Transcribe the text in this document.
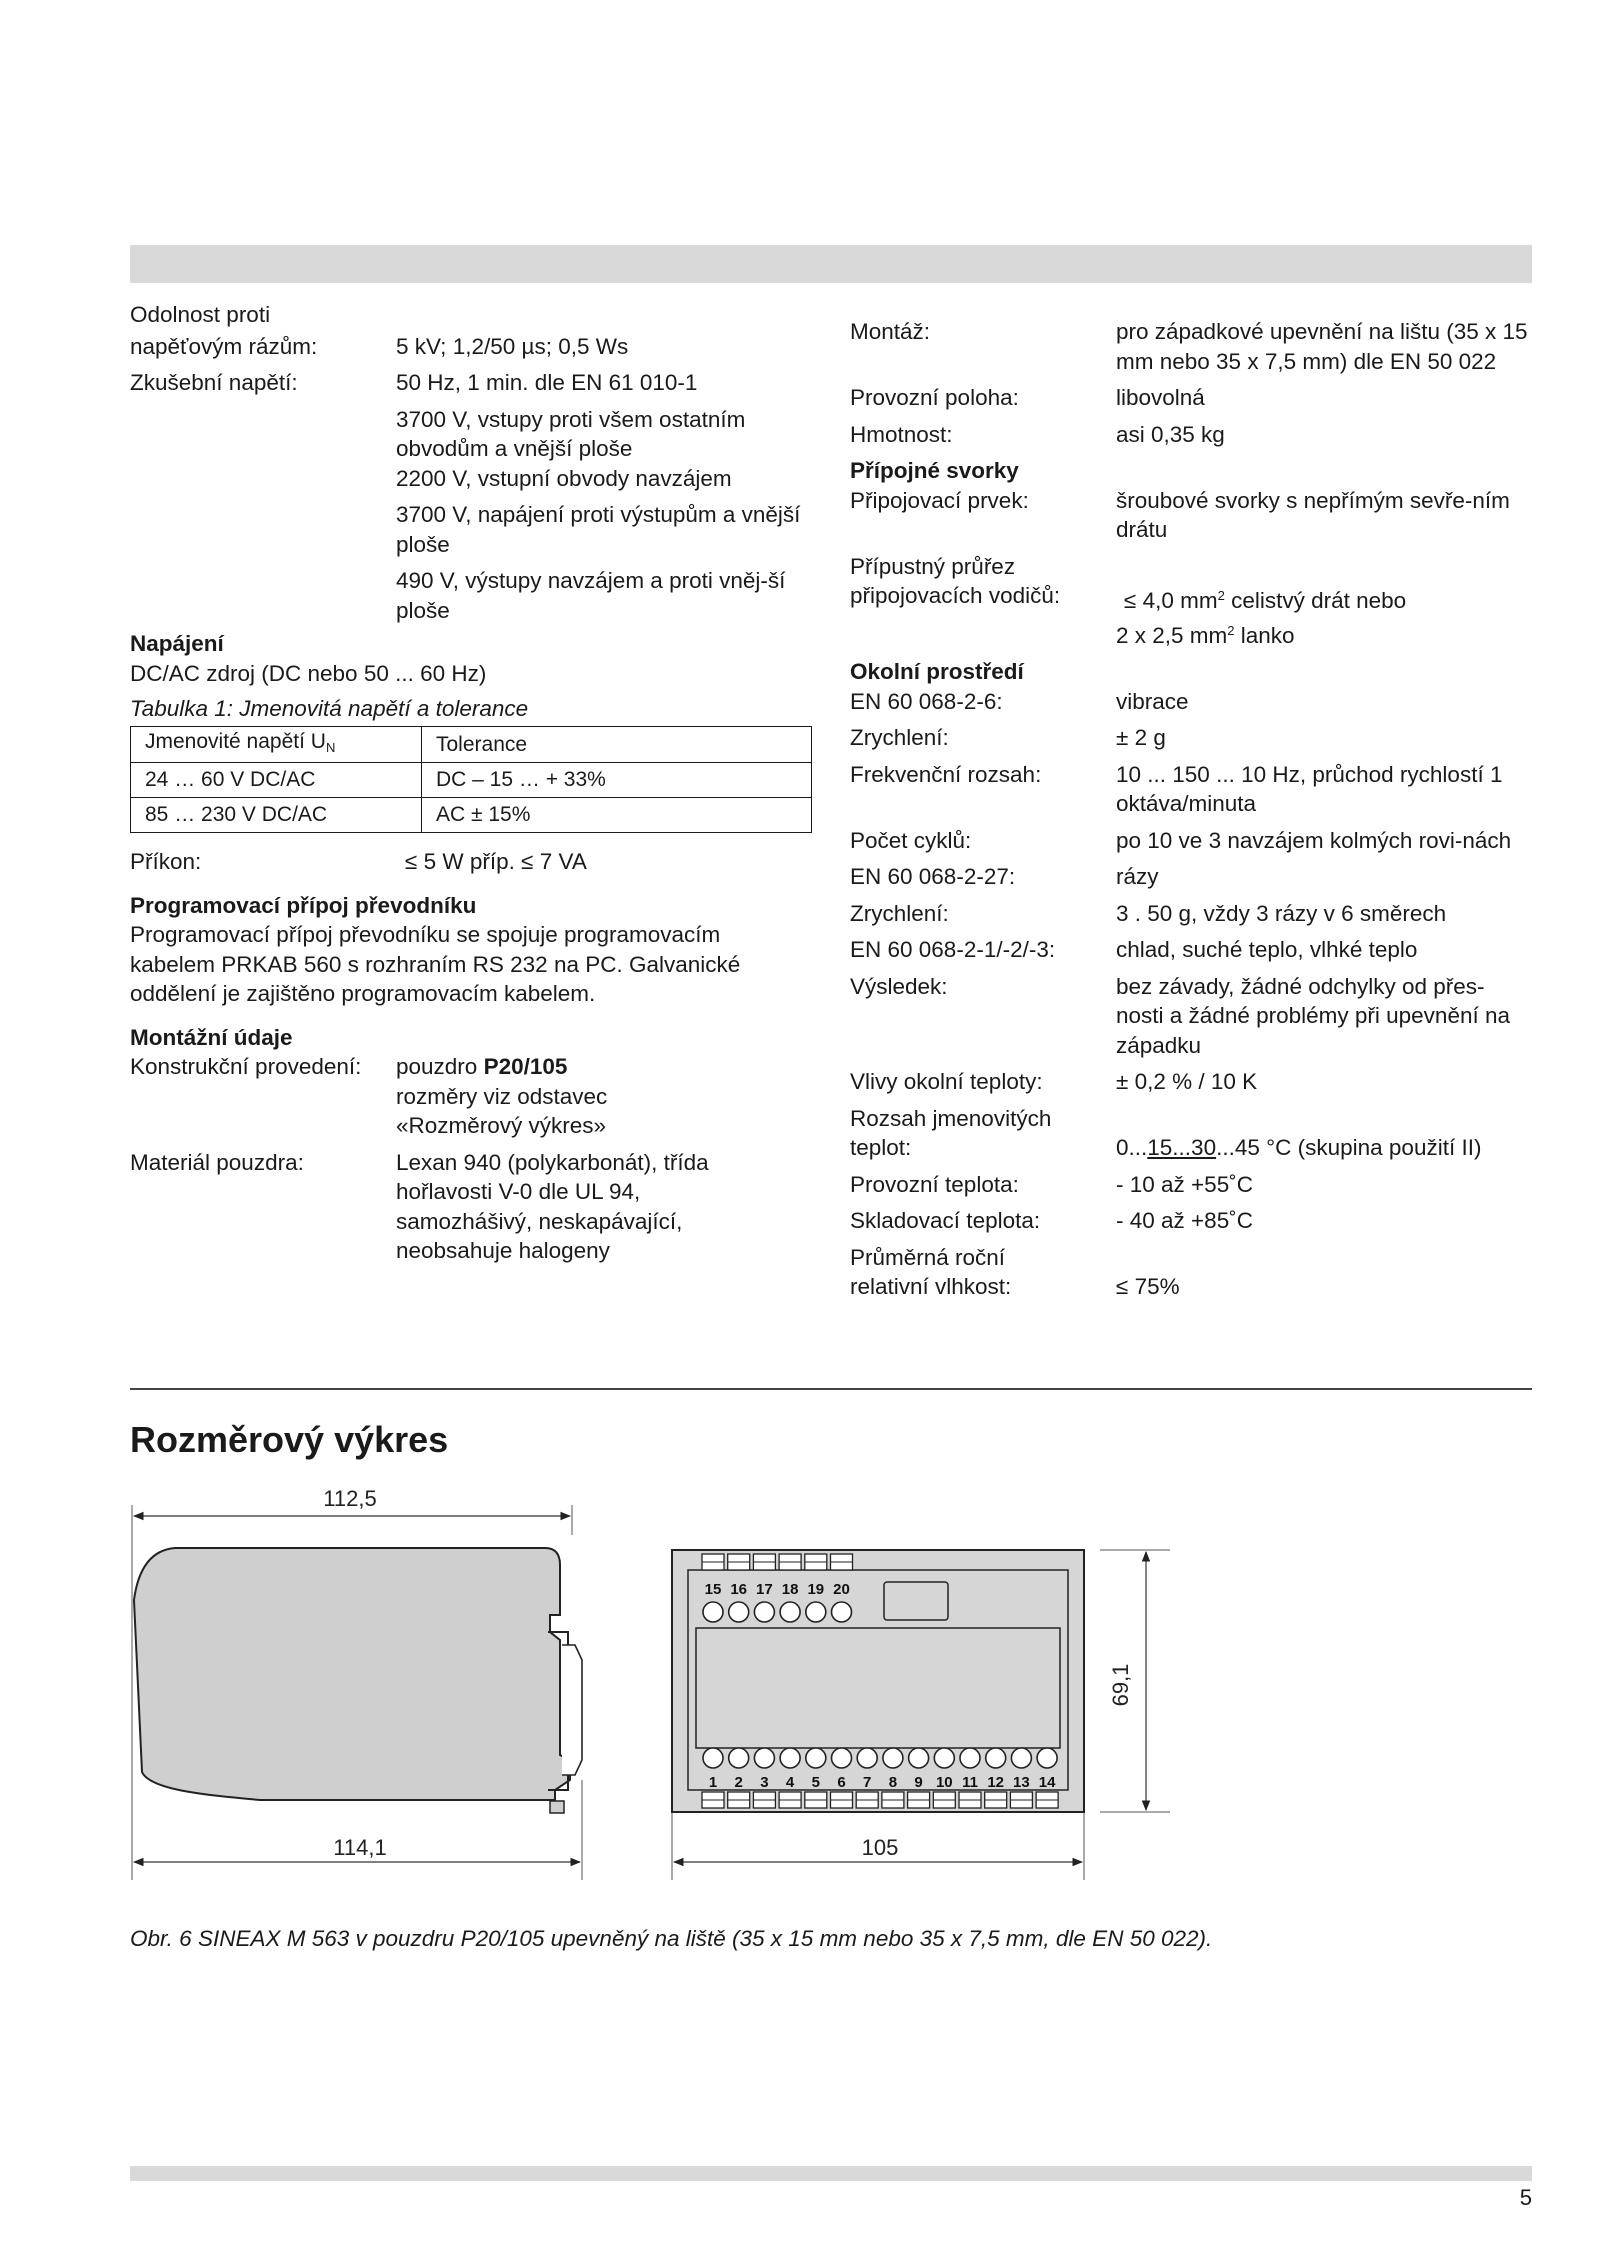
Odolnost proti
napěťovým rázům:	5 kV; 1,2/50 µs; 0,5 Ws
Zkušební napětí:	50 Hz, 1 min. dle EN 61 010-1
3700 V, vstupy proti všem ostatním obvodům a vnější ploše
2200 V, vstupní obvody navzájem
3700 V, napájení proti výstupům a vnější ploše
490 V, výstupy navzájem a proti vněj-ší ploše
Napájení
DC/AC zdroj (DC nebo 50 ... 60 Hz)
Tabulka 1: Jmenovitá napětí a tolerance
Jmenovité napětí $U_N$	Tolerance
24 … 60 V DC/AC	DC – 15 … + 33%
85 … 230 V DC/AC	AC ± 15%
Příkon:	≤ 5 W příp. ≤ 7 VA
Programovací přípoj převodníku
Programovací přípoj převodníku se spojuje programovacím kabelem PRKAB 560 s rozhraním RS 232 na PC. Galvanické oddělení je zajištěno programovacím kabelem.
Montážní údaje
Konstrukční provedení:	pouzdro P20/105
rozměry viz odstavec «Rozměrový výkres»
Materiál pouzdra:	Lexan 940 (polykarbonát), třída hořlavosti V-0 dle UL 94, samozhášivý, neskapávající, neobsahuje halogeny
Montáž:	pro západkové upevnění na lištu (35 x 15 mm nebo 35 x 7,5 mm) dle EN 50 022
Provozní poloha:	libovolná
Hmotnost:	asi 0,35 kg
Přípojné svorky
Připojovací prvek:	šroubové svorky s nepřímým sevře-ním drátu
Přípustný průřez
připojovacích vodičů:	≤ 4,0 $mm^2$ celistvý drát nebo
2 x 2,5 $mm^2$ lanko
Okolní prostředí
EN 60 068-2-6:	vibrace
Zrychlení:	± 2 g
Frekvenční rozsah:	10 ... 150 ... 10 Hz, průchod rychlostí 1 oktáva/minuta
Počet cyklů:	po 10 ve 3 navzájem kolmých rovi-nách
EN 60 068-2-27:	rázy
Zrychlení:	3 . 50 g, vždy 3 rázy v 6 směrech
EN 60 068-2-1/-2/-3:	chlad, suché teplo, vlhké teplo
Výsledek:	bez závady, žádné odchylky od přes-nosti a žádné problémy při upevnění na západku
Vlivy okolní teploty:	± 0,2 % / 10 K
Rozsah jmenovitých
teplot:	0...15...30...45 °C (skupina použití II)
Provozní teplota:	- 10 až +55˚C
Skladovací teplota:	- 40 až +85˚C
Průměrná roční
relativní vlhkost:	≤ 75%
Rozměrový výkres
112,5
114,1	105
69,1
15 16 17 18 19 20
1 2 3 4 5 6 7 8 9 10 11 12 13 14
Obr. 6 SINEAX M 563 v pouzdru P20/105 upevněný na liště (35 x 15 mm nebo 35 x 7,5 mm, dle EN 50 022).
5
